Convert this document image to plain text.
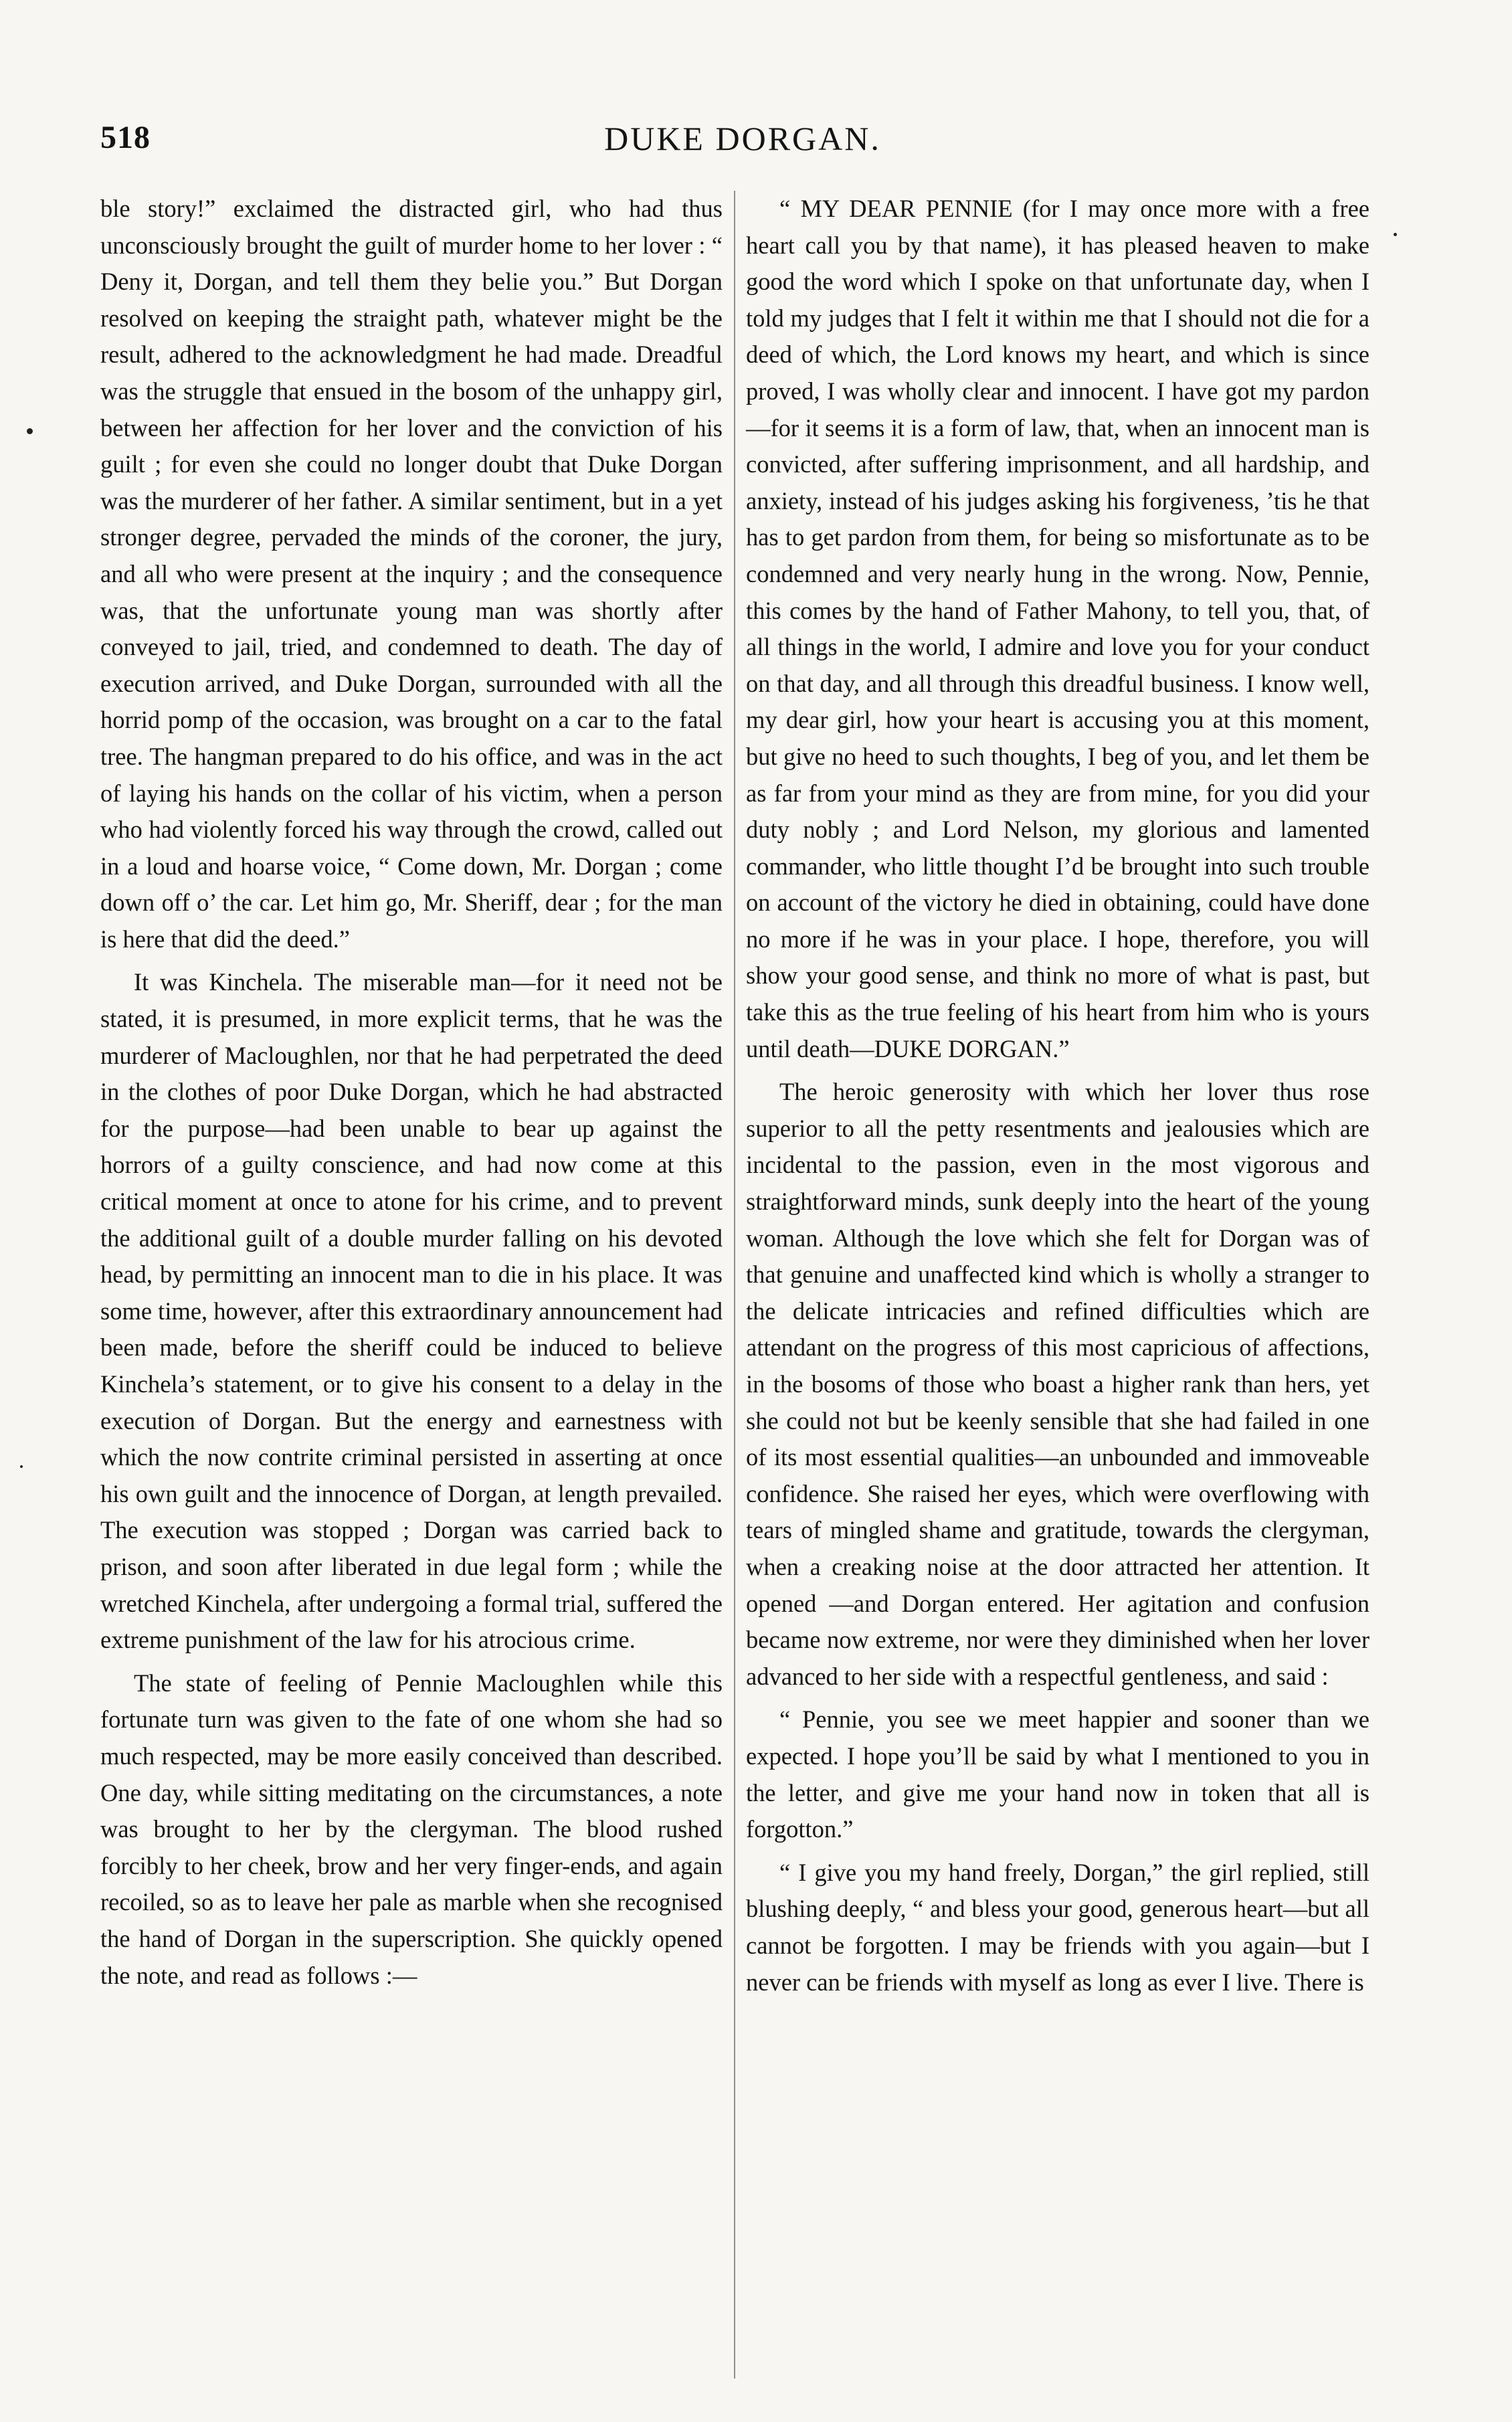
518	DUKE DORGAN.

ble story!” exclaimed the distracted girl, who had thus unconsciously brought the guilt of murder home to her lover : “ Deny it, Dorgan, and tell them they belie you.” But Dorgan resolved on keeping the straight path, whatever might be the result, adhered to the acknowledgment he had made. Dreadful was the struggle that ensued in the bosom of the unhappy girl, between her affection for her lover and the conviction of his guilt ; for even she could no longer doubt that Duke Dorgan was the murderer of her father. A similar sentiment, but in a yet stronger degree, pervaded the minds of the coroner, the jury, and all who were present at the inquiry ; and the consequence was, that the unfortunate young man was shortly after conveyed to jail, tried, and condemned to death. The day of execution arrived, and Duke Dorgan, surrounded with all the horrid pomp of the occasion, was brought on a car to the fatal tree. The hangman prepared to do his office, and was in the act of laying his hands on the collar of his victim, when a person who had violently forced his way through the crowd, called out in a loud and hoarse voice, “ Come down, Mr. Dorgan ; come down off o’ the car. Let him go, Mr. Sheriff, dear ; for the man is here that did the deed.”

It was Kinchela. The miserable man—for it need not be stated, it is presumed, in more explicit terms, that he was the murderer of Macloughlen, nor that he had perpetrated the deed in the clothes of poor Duke Dorgan, which he had abstracted for the purpose—had been unable to bear up against the horrors of a guilty conscience, and had now come at this critical moment at once to atone for his crime, and to prevent the additional guilt of a double murder falling on his devoted head, by permitting an innocent man to die in his place. It was some time, however, after this extraordinary announcement had been made, before the sheriff could be induced to believe Kinchela’s statement, or to give his consent to a delay in the execution of Dorgan. But the energy and earnestness with which the now contrite criminal persisted in asserting at once his own guilt and the innocence of Dorgan, at length prevailed. The execution was stopped ; Dorgan was carried back to prison, and soon after liberated in due legal form ; while the wretched Kinchela, after undergoing a formal trial, suffered the extreme punishment of the law for his atrocious crime.

The state of feeling of Pennie Macloughlen while this fortunate turn was given to the fate of one whom she had so much respected, may be more easily conceived than described. One day, while sitting meditating on the circumstances, a note was brought to her by the clergyman. The blood rushed forcibly to her cheek, brow and her very finger-ends, and again recoiled, so as to leave her pale as marble when she recognised the hand of Dorgan in the superscription. She quickly opened the note, and read as follows :—

“ MY DEAR PENNIE (for I may once more with a free heart call you by that name), it has pleased heaven to make good the word which I spoke on that unfortunate day, when I told my judges that I felt it within me that I should not die for a deed of which, the Lord knows my heart, and which is since proved, I was wholly clear and innocent. I have got my pardon—for it seems it is a form of law, that, when an innocent man is convicted, after suffering imprisonment, and all hardship, and anxiety, instead of his judges asking his forgiveness, ’tis he that has to get pardon from them, for being so misfortunate as to be condemned and very nearly hung in the wrong. Now, Pennie, this comes by the hand of Father Mahony, to tell you, that, of all things in the world, I admire and love you for your conduct on that day, and all through this dreadful business. I know well, my dear girl, how your heart is accusing you at this moment, but give no heed to such thoughts, I beg of you, and let them be as far from your mind as they are from mine, for you did your duty nobly ; and Lord Nelson, my glorious and lamented commander, who little thought I’d be brought into such trouble on account of the victory he died in obtaining, could have done no more if he was in your place. I hope, therefore, you will show your good sense, and think no more of what is past, but take this as the true feeling of his heart from him who is yours until death—DUKE DORGAN.”

The heroic generosity with which her lover thus rose superior to all the petty resentments and jealousies which are incidental to the passion, even in the most vigorous and straightforward minds, sunk deeply into the heart of the young woman. Although the love which she felt for Dorgan was of that genuine and unaffected kind which is wholly a stranger to the delicate intricacies and refined difficulties which are attendant on the progress of this most capricious of affections, in the bosoms of those who boast a higher rank than hers, yet she could not but be keenly sensible that she had failed in one of its most essential qualities—an unbounded and immoveable confidence. She raised her eyes, which were overflowing with tears of mingled shame and gratitude, towards the clergyman, when a creaking noise at the door attracted her attention. It opened —and Dorgan entered. Her agitation and confusion became now extreme, nor were they diminished when her lover advanced to her side with a respectful gentleness, and said :

“ Pennie, you see we meet happier and sooner than we expected. I hope you’ll be said by what I mentioned to you in the letter, and give me your hand now in token that all is forgotton.”

“ I give you my hand freely, Dorgan,” the girl replied, still blushing deeply, “ and bless your good, generous heart—but all cannot be forgotten. I may be friends with you again—but I never can be friends with myself as long as ever I live. There is
